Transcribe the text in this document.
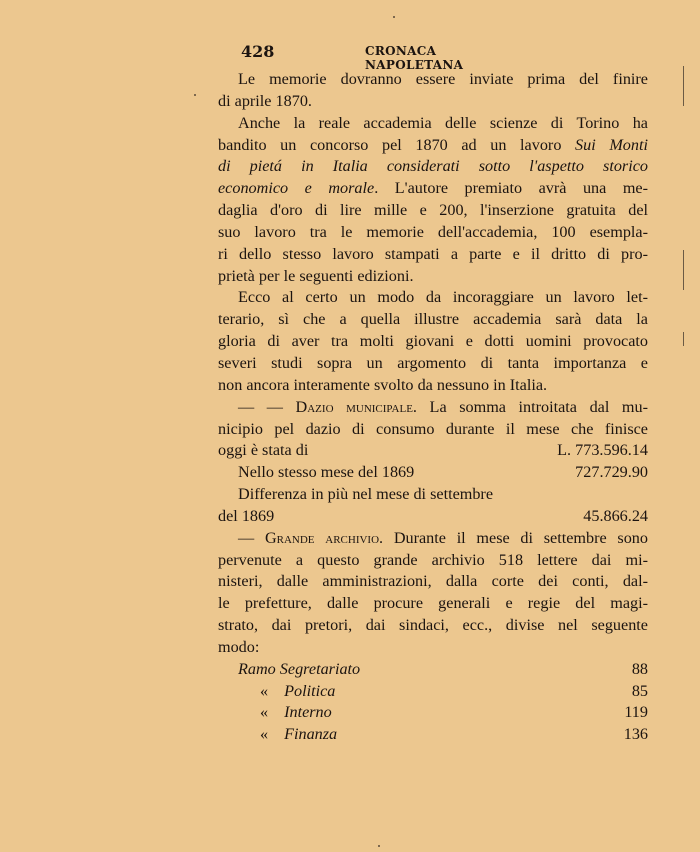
428	CRONACA NAPOLETANA
Le memorie dovranno essere inviate prima del finire
di aprile 1870.
Anche la reale accademia delle scienze di Torino ha
bandito un concorso pel 1870 ad un lavoro Sui Monti
di pietá in Italia considerati sotto l'aspetto storico
economico e morale. L'autore premiato avrà una me-
daglia d'oro di lire mille e 200, l'inserzione gratuita del
suo lavoro tra le memorie dell'accademia, 100 esempla-
ri dello stesso lavoro stampati a parte e il dritto di pro-
prietà per le seguenti edizioni.
Ecco al certo un modo da incoraggiare un lavoro let-
terario, sì che a quella illustre accademia sarà data la
gloria di aver tra molti giovani e dotti uomini provocato
severi studi sopra un argomento di tanta importanza e
non ancora interamente svolto da nessuno in Italia.
— — Dazio municipale. La somma introitata dal mu-
nicipio pel dazio di consumo durante il mese che finisce
oggi è stata di	L. 773.596.14
Nello stesso mese del 1869	727.729.90
Differenza in più nel mese di settembre
del 1869	45.866.24
— Grande archivio. Durante il mese di settembre sono
pervenute a questo grande archivio 518 lettere dai mi-
nisteri, dalle amministrazioni, dalla corte dei conti, dal-
le prefetture, dalle procure generali e regie del magi-
strato, dai pretori, dai sindaci, ecc., divise nel seguente
modo:
Ramo Segretariato	88
« Politica	85
« Interno	119
« Finanza	136
